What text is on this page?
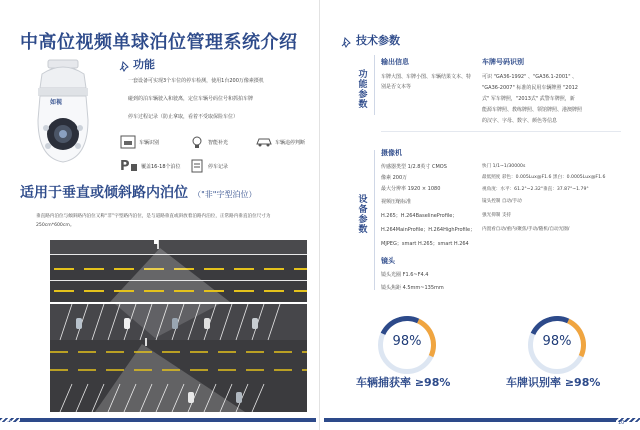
中高位视频单球泊位管理系统介绍
如视
功能
一套设备可实现3个车位的停车检测，使用1台200万像素摄机
碰到的泊车辆驶入和驶离，定位车辆号码位号和抓拍车牌
停车过程记录（防止拿取，看着不受取保险车位）
车辆识别	智能补光	车辆违停判断
P 覆盖16-18个泊位	停车记录
适用于垂直或倾斜路内泊位 （"非"字型泊位）
垂直路内泊位与倾斜路内泊位又称“非”字型路内泊位，是与道路垂直或斜放着泊路内泊位，正常路内垂直泊位尺寸为
250cm*600cm。
9
技术参数
功能参数
输出信息
车牌大图、车牌小图、车辆结果文本、特
别是否文本等
车牌号码识别
可识 "GA36-1992" 、"GA36.1-2001" 、
"GA36-2007" 标准的民用车辆牌照 "2012
式" 军车牌照，"2013式" 武警车牌照，新
能源车牌照、教练牌照、领馆牌照、港澳牌照
的汉字、字母、数字、颜色等信息
设备参数
摄像机
传感器类型 1/2.8英寸 CMOS
像素 200万
最大分辨率 1920 × 1080
视频压缩标准
H.265；H.264BaselineProfile；
H.264MainProfile；H.264HighProfile；
MJPEG；smart H.265；smart H.264
快门 1/1~1/30000s
最低照度 彩色：0.005Lux@F1.6 黑白：0.0005Lux@F1.6
视角度：水平：61.2°~2.32°垂直：37.87°~1.79°
镜头控制 自动/手动
强光抑制 支持
内置看自动/重内/聚焦/手动/随机/自动光圈/
镜头
镜头光圈 F1.6~F4.4
镜头焦距 4.5mm~135mm
98%
车辆捕获率 ≥98%
98%
车牌识别率 ≥98%
10
